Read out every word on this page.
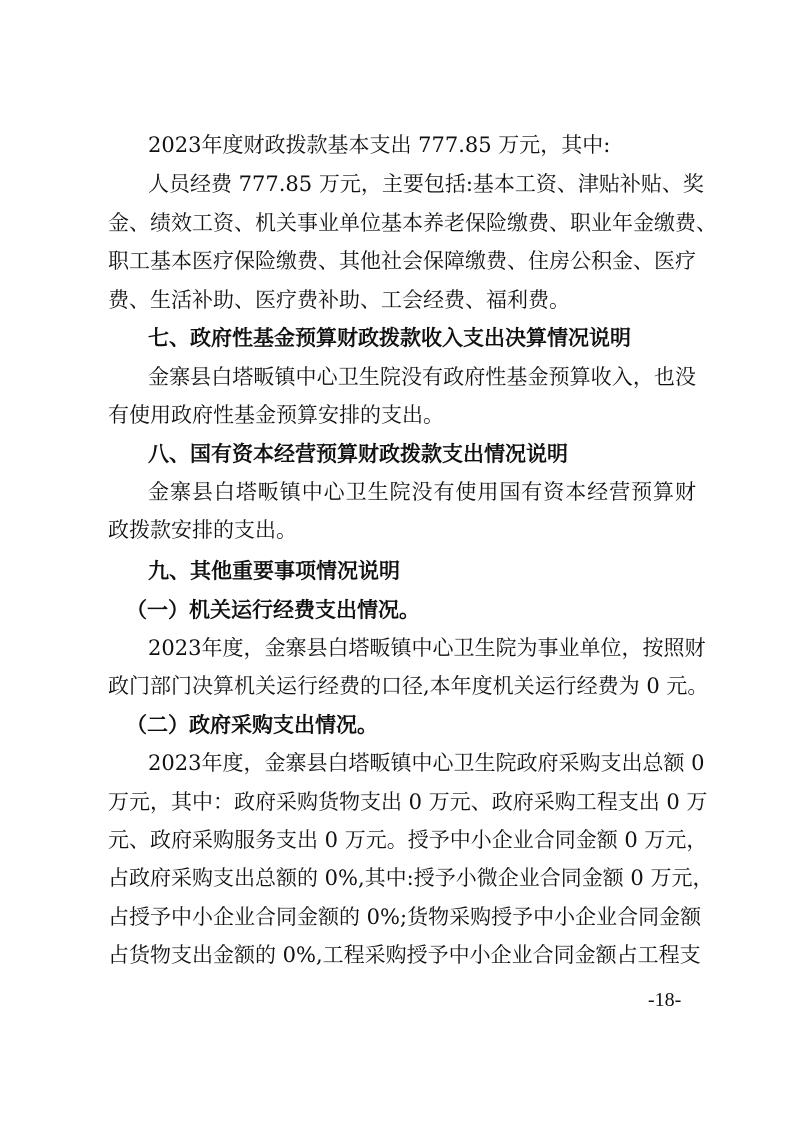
2023年度财政拨款基本支出 777.85 万元，其中:
人员经费 777.85 万元，主要包括:基本工资、津贴补贴、奖
金、绩效工资、机关事业单位基本养老保险缴费、职业年金缴费、
职工基本医疗保险缴费、其他社会保障缴费、住房公积金、医疗
费、生活补助、医疗费补助、工会经费、福利费。
七、政府性基金预算财政拨款收入支出决算情况说明
金寨县白塔畈镇中心卫生院没有政府性基金预算收入，也没
有使用政府性基金预算安排的支出。
八、国有资本经营预算财政拨款支出情况说明
金寨县白塔畈镇中心卫生院没有使用国有资本经营预算财
政拨款安排的支出。
九、其他重要事项情况说明
（一）机关运行经费支出情况。
2023年度，金寨县白塔畈镇中心卫生院为事业单位，按照财
政门部门决算机关运行经费的口径,本年度机关运行经费为 0 元。
（二）政府采购支出情况。
2023年度，金寨县白塔畈镇中心卫生院政府采购支出总额 0
万元，其中：政府采购货物支出 0 万元、政府采购工程支出 0 万
元、政府采购服务支出 0 万元。授予中小企业合同金额 0 万元，
占政府采购支出总额的 0%,其中:授予小微企业合同金额 0 万元，
占授予中小企业合同金额的 0%;货物采购授予中小企业合同金额
占货物支出金额的 0%,工程采购授予中小企业合同金额占工程支
-18-
